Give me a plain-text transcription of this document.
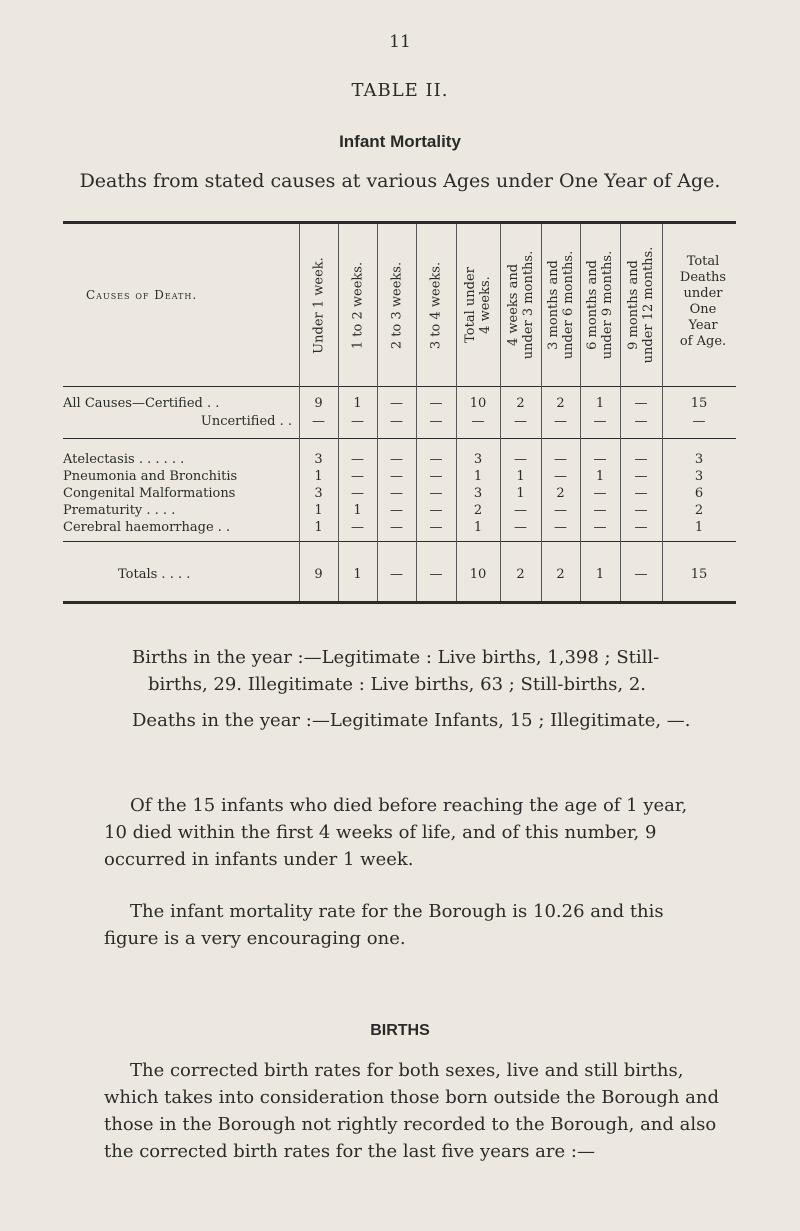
11
TABLE II.
Infant Mortality
Deaths from stated causes at various Ages under One Year of Age.
Causes of Death.
Total
Deaths
under
One
Year
of Age.
Under 1 week. 1 to 2 weeks. 2 to 3 weeks. 3 to 4 weeks. Total under 4 weeks. 4 weeks and under 3 months. 3 months and under 6 months. 6 months and under 9 months. 9 months and under 12 months.
All Causes—Certified . .	9	1	—	—	10	2	2	1	—	15
Uncertified . .	—	—	—	—	—	—	—	—	—	—
Atelectasis . . . . . .	3	—	—	—	3	—	—	—	—	3
Pneumonia and Bronchitis	1	—	—	—	1	1	—	1	—	3
Congenital Malformations	3	—	—	—	3	1	2	—	—	6
Prematurity . . . .	1	1	—	—	2	—	—	—	—	2
Cerebral haemorrhage . .	1	—	—	—	1	—	—	—	—	1
Totals . . . .	9	1	—	—	10	2	2	1	—	15
Births in the year :—Legitimate : Live births, 1,398 ; Still-
births, 29. Illegitimate : Live births, 63 ; Still-births, 2.
Deaths in the year :—Legitimate Infants, 15 ; Illegitimate, —.
Of the 15 infants who died before reaching the age of 1 year,
10 died within the first 4 weeks of life, and of this number, 9
occurred in infants under 1 week.
The infant mortality rate for the Borough is 10.26 and this
figure is a very encouraging one.
BIRTHS
The corrected birth rates for both sexes, live and still births,
which takes into consideration those born outside the Borough and
those in the Borough not rightly recorded to the Borough, and also
the corrected birth rates for the last five years are :—
